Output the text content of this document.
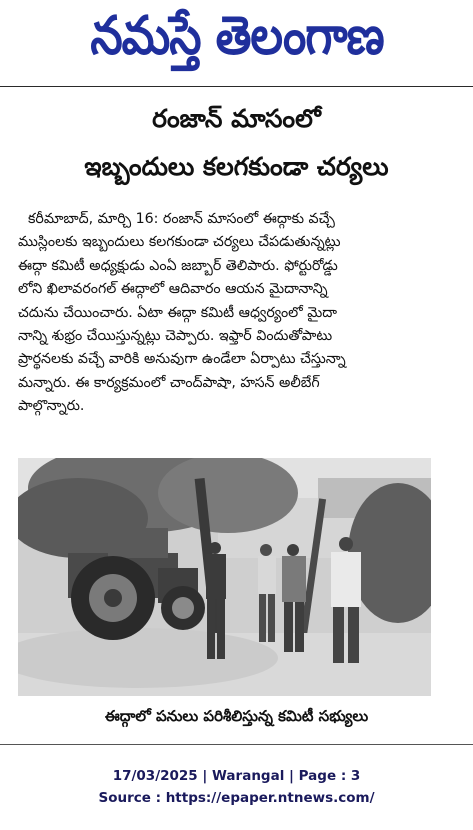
నమస్తే తెలంగాణ
రంజాన్ మాసంలో
ఇబ్బందులు కలగకుండా చర్యలు
కరీమాబాద్, మార్చి 16: రంజాన్ మాసంలో ఈద్గాకు వచ్చే
ముస్లింలకు ఇబ్బందులు కలగకుండా చర్యలు చేపడుతున్నట్లు
ఈద్గా కమిటీ అధ్యక్షుడు ఎంఏ జబ్బార్ తెలిపారు. ఫోర్టురోడ్డు
లోని ఖిలావరంగల్ ఈద్గాలో ఆదివారం ఆయన మైదానాన్ని
చదును చేయించారు. ఏటా ఈద్గా కమిటీ ఆధ్వర్యంలో మైదా
నాన్ని శుభ్రం చేయిస్తున్నట్లు చెప్పారు. ఇఫ్తార్ విందుతోపాటు
ప్రార్థనలకు వచ్చే వారికి అనువుగా ఉండేలా ఏర్పాటు చేస్తున్నా
మన్నారు. ఈ కార్యక్రమంలో చాంద్‌పాషా, హసన్ అలీబేగ్
పాల్గొన్నారు.
ఈద్గాలో పనులు పరిశీలిస్తున్న కమిటీ సభ్యులు
17/03/2025 | Warangal | Page : 3
Source : https://epaper.ntnews.com/
